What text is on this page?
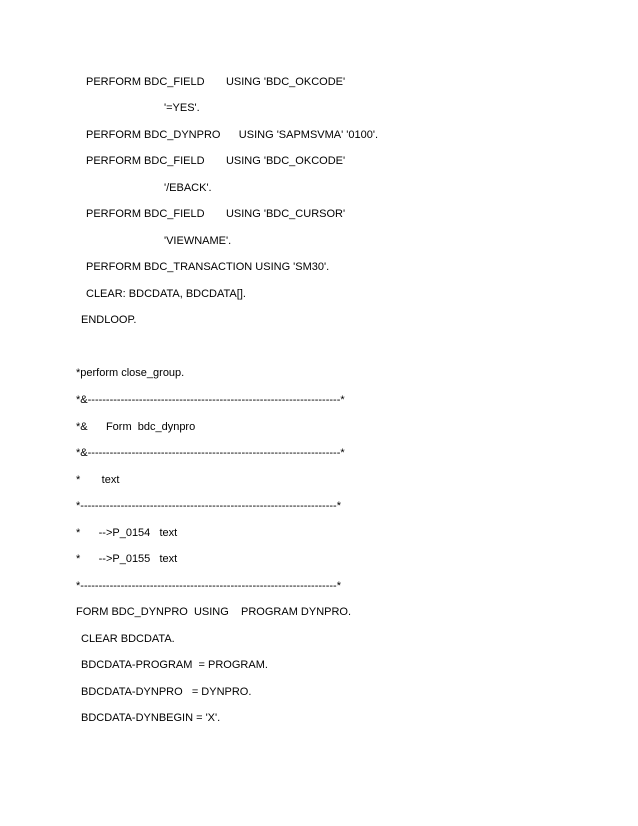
PERFORM BDC_FIELD       USING 'BDC_OKCODE'
'=YES'.
PERFORM BDC_DYNPRO      USING 'SAPMSVMA' '0100'.
PERFORM BDC_FIELD       USING 'BDC_OKCODE'
'/EBACK'.
PERFORM BDC_FIELD       USING 'BDC_CURSOR'
'VIEWNAME'.
PERFORM BDC_TRANSACTION USING 'SM30'.
CLEAR: BDCDATA, BDCDATA[].
ENDLOOP.
*perform close_group.
*&---------------------------------------------------------------------*
*&      Form  bdc_dynpro
*&---------------------------------------------------------------------*
*       text
*----------------------------------------------------------------------*
*      -->P_0154   text
*      -->P_0155   text
*----------------------------------------------------------------------*
FORM BDC_DYNPRO  USING    PROGRAM DYNPRO.
CLEAR BDCDATA.
BDCDATA-PROGRAM  = PROGRAM.
BDCDATA-DYNPRO   = DYNPRO.
BDCDATA-DYNBEGIN = 'X'.
